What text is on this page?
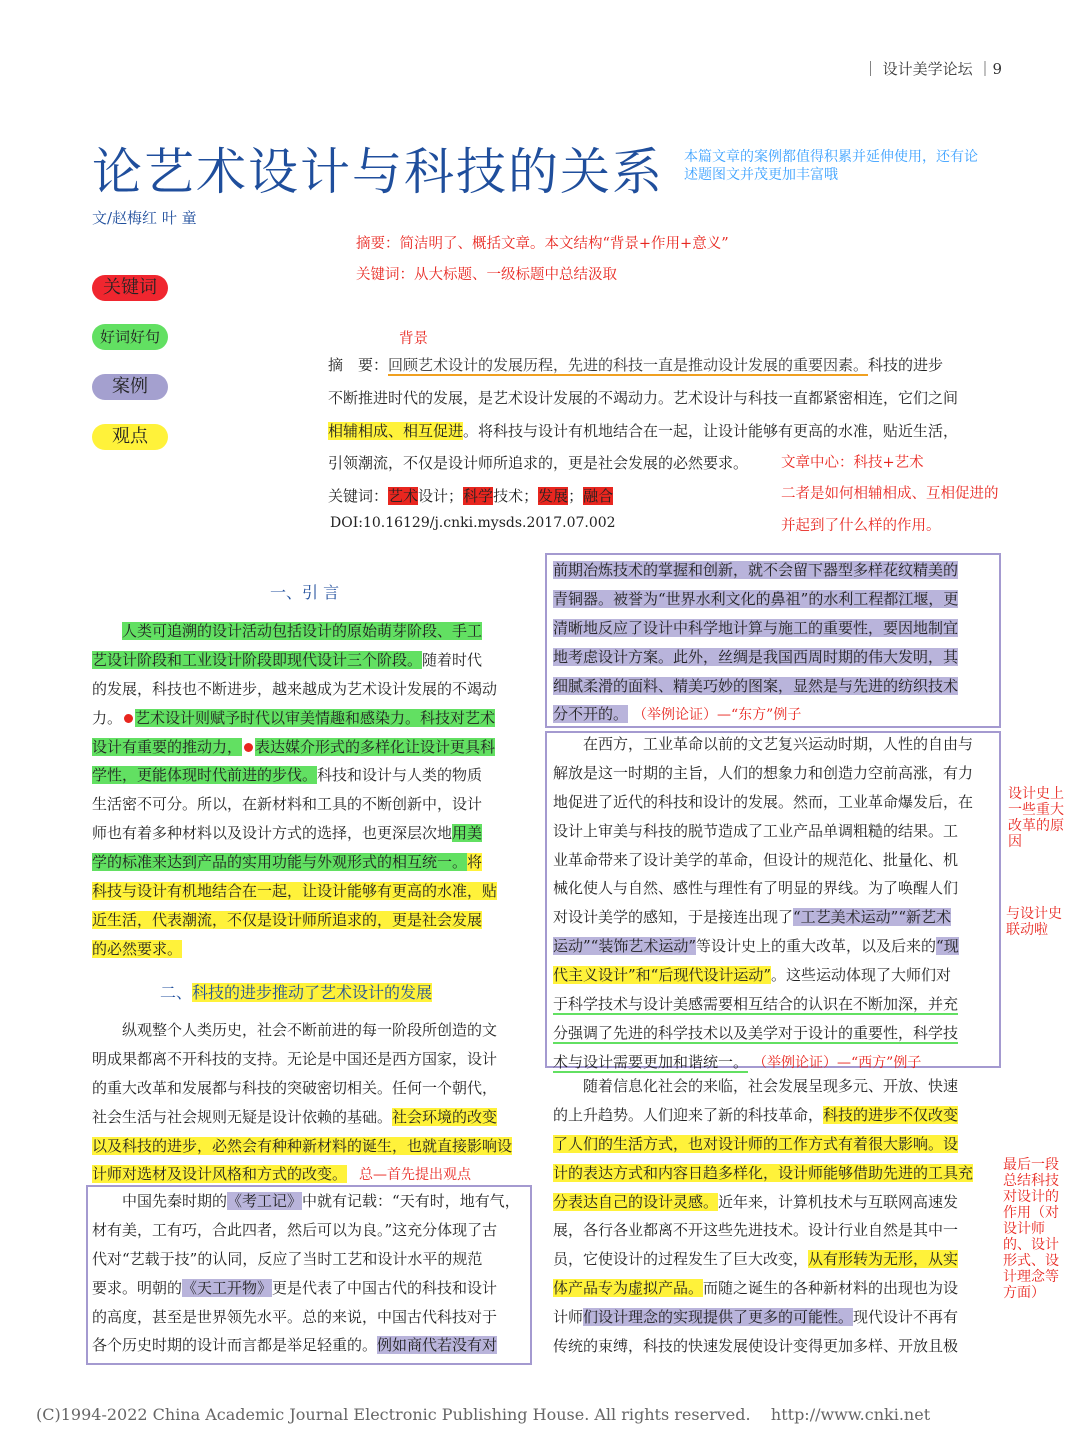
｜ 设计美学论坛 ｜9
论艺术设计与科技的关系 本篇文章的案例都值得积累并延伸使用，还有论述题图文并茂更加丰富哦
文/赵梅红 叶 童
摘要：简洁明了、概括文章。本文结构“背景+作用+意义”
关键词：从大标题、一级标题中总结汲取
关键词
好词好句
案例
观点
背景
摘　要：回顾艺术设计的发展历程，先进的科技一直是推动设计发展的重要因素。科技的进步
不断推进时代的发展，是艺术设计发展的不竭动力。艺术设计与科技一直都紧密相连，它们之间
相辅相成、相互促进。将科技与设计有机地结合在一起，让设计能够有更高的水准，贴近生活，
引领潮流，不仅是设计师所追求的，更是社会发展的必然要求。 文章中心：科技+艺术
关键词：艺术设计；科学技术；发展；融合	二者是如何相辅相成、互相促进的
并起到了什么样的作用。
DOI:10.16129/j.cnki.mysds.2017.07.002
一、引 言
人类可追溯的设计活动包括设计的原始萌芽阶段、手工
艺设计阶段和工业设计阶段即现代设计三个阶段。随着时代
的发展，科技也不断进步，越来越成为艺术设计发展的不竭动
力。 艺术设计则赋予时代以审美情趣和感染力。科技对艺术
设计有重要的推动力， 表达媒介形式的多样化让设计更具科
学性，更能体现时代前进的步伐。科技和设计与人类的物质
生活密不可分。所以，在新材料和工具的不断创新中，设计
师也有着多种材料以及设计方式的选择，也更深层次地用美
学的标准来达到产品的实用功能与外观形式的相互统一。将
科技与设计有机地结合在一起，让设计能够有更高的水准，贴
近生活，代表潮流，不仅是设计师所追求的，更是社会发展
的必然要求。
二、科技的进步推动了艺术设计的发展
纵观整个人类历史，社会不断前进的每一阶段所创造的文
明成果都离不开科技的支持。无论是中国还是西方国家，设计
的重大改革和发展都与科技的突破密切相关。任何一个朝代，
社会生活与社会规则无疑是设计依赖的基础。社会环境的改变
以及科技的进步，必然会有种种新材料的诞生，也就直接影响设
计师对选材及设计风格和方式的改变。 总—首先提出观点
中国先秦时期的《考工记》中就有记载：“天有时，地有气，
材有美，工有巧，合此四者，然后可以为良。”这充分体现了古
代对“艺载于技”的认同，反应了当时工艺和设计水平的规范
要求。明朝的《天工开物》更是代表了中国古代的科技和设计
的高度，甚至是世界领先水平。总的来说，中国古代科技对于
各个历史时期的设计而言都是举足轻重的。例如商代若没有对
前期冶炼技术的掌握和创新，就不会留下器型多样花纹精美的
青铜器。被誉为“世界水利文化的鼻祖”的水利工程都江堰，更
清晰地反应了设计中科学地计算与施工的重要性，要因地制宜
地考虑设计方案。此外，丝绸是我国西周时期的伟大发明，其
细腻柔滑的面料、精美巧妙的图案，显然是与先进的纺织技术
分不开的。 （举例论证）—“东方”例子
在西方，工业革命以前的文艺复兴运动时期，人性的自由与
解放是这一时期的主旨，人们的想象力和创造力空前高涨，有力
地促进了近代的科技和设计的发展。然而，工业革命爆发后，在
设计上审美与科技的脱节造成了工业产品单调粗糙的结果。工
业革命带来了设计美学的革命，但设计的规范化、批量化、机
械化使人与自然、感性与理性有了明显的界线。为了唤醒人们
对设计美学的感知，于是接连出现了“工艺美术运动”“新艺术
运动”“装饰艺术运动”等设计史上的重大改革，以及后来的“现
代主义设计”和“后现代设计运动”。这些运动体现了大师们对
于科学技术与设计美感需要相互结合的认识在不断加深，并充
分强调了先进的科学技术以及美学对于设计的重要性，科学技
术与设计需要更加和谐统一。 （举例论证）—“西方”例子
随着信息化社会的来临，社会发展呈现多元、开放、快速
的上升趋势。人们迎来了新的科技革命，科技的进步不仅改变
了人们的生活方式，也对设计师的工作方式有着很大影响。设
计的表达方式和内容日趋多样化，设计师能够借助先进的工具充
分表达自己的设计灵感。近年来，计算机技术与互联网高速发
展，各行各业都离不开这些先进技术。设计行业自然是其中一
员，它使设计的过程发生了巨大改变，从有形转为无形，从实
体产品专为虚拟产品。而随之诞生的各种新材料的出现也为设
计师们设计理念的实现提供了更多的可能性。现代设计不再有
传统的束缚，科技的快速发展使设计变得更加多样、开放且极
设计史上一些重大改革的原因
与设计史联动啦
最后一段总结科技对设计的作用（对设计师的、设计形式、设计理念等方面）
(C)1994-2022 China Academic Journal Electronic Publishing House. All rights reserved.    http://www.cnki.net
